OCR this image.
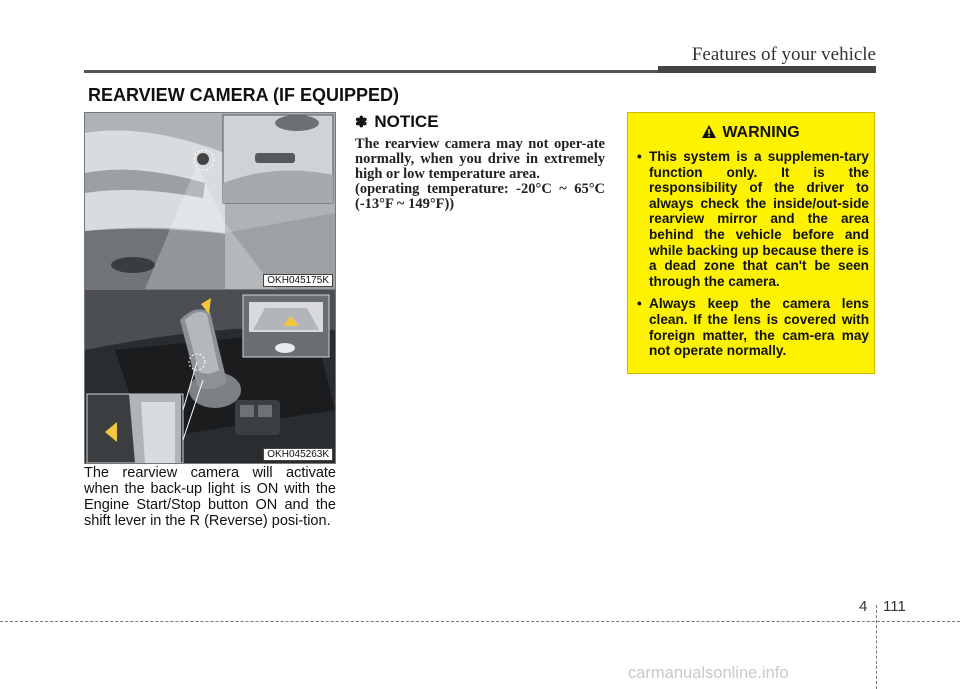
Features of your vehicle
REARVIEW CAMERA (IF EQUIPPED)
OKH045175K
OKH045263K
The rearview camera will activate when the back-up light is ON with the Engine Start/Stop button ON and the shift lever in the R (Reverse) posi-tion.
✽ NOTICE

The rearview camera may not oper-ate normally, when you drive in extremely high or low temperature area.

(operating temperature: -20°C ~ 65°C (-13°F ~ 149°F))

WARNING
• This system is a supplemen-tary function only. It is the responsibility of the driver to always check the inside/out-side rearview mirror and the area behind the vehicle before and while backing up because there is a dead zone that can't be seen through the camera.
• Always keep the camera lens clean. If the lens is covered with foreign matter, the cam-era may not operate normally.
4 111
carmanualsonline.info
